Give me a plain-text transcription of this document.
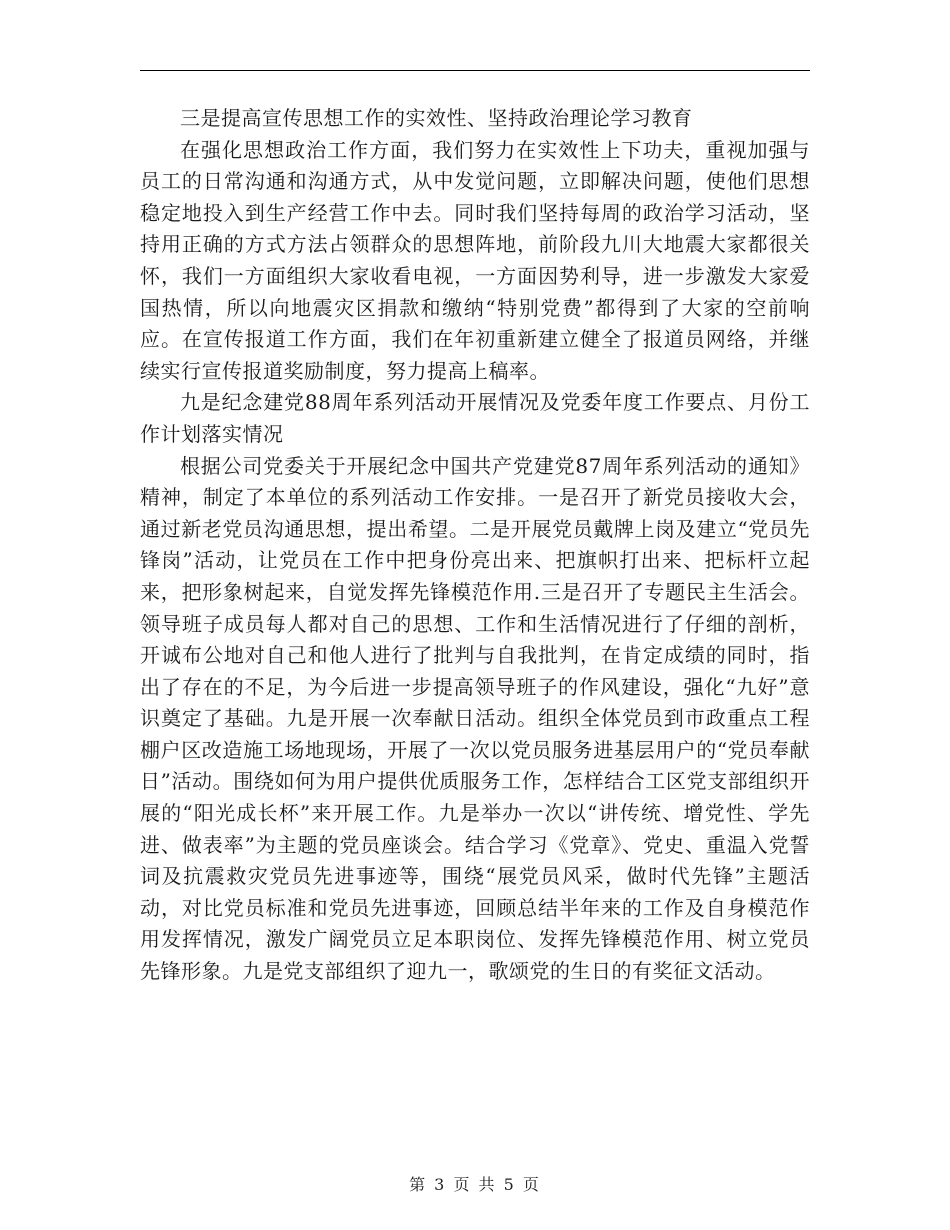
三是提高宣传思想工作的实效性、坚持政治理论学习教育

在强化思想政治工作方面，我们努力在实效性上下功夫，重视加强与员工的日常沟通和沟通方式，从中发觉问题，立即解决问题，使他们思想稳定地投入到生产经营工作中去。同时我们坚持每周的政治学习活动，坚持用正确的方式方法占领群众的思想阵地，前阶段九川大地震大家都很关怀，我们一方面组织大家收看电视，一方面因势利导，进一步激发大家爱国热情，所以向地震灾区捐款和缴纳“特别党费”都得到了大家的空前响应。在宣传报道工作方面，我们在年初重新建立健全了报道员网络，并继续实行宣传报道奖励制度，努力提高上稿率。

九是纪念建党88周年系列活动开展情况及党委年度工作要点、月份工作计划落实情况

根据公司党委关于开展纪念中国共产党建党87周年系列活动的通知》精神，制定了本单位的系列活动工作安排。一是召开了新党员接收大会，通过新老党员沟通思想，提出希望。二是开展党员戴牌上岗及建立“党员先锋岗”活动，让党员在工作中把身份亮出来、把旗帜打出来、把标杆立起来，把形象树起来，自觉发挥先锋模范作用.三是召开了专题民主生活会。领导班子成员每人都对自己的思想、工作和生活情况进行了仔细的剖析，开诚布公地对自己和他人进行了批判与自我批判，在肯定成绩的同时，指出了存在的不足，为今后进一步提高领导班子的作风建设，强化“九好”意识奠定了基础。九是开展一次奉献日活动。组织全体党员到市政重点工程棚户区改造施工场地现场，开展了一次以党员服务进基层用户的“党员奉献日”活动。围绕如何为用户提供优质服务工作，怎样结合工区党支部组织开展的“阳光成长杯”来开展工作。九是举办一次以“讲传统、增党性、学先进、做表率”为主题的党员座谈会。结合学习《党章》、党史、重温入党誓词及抗震救灾党员先进事迹等，围绕“展党员风采，做时代先锋”主题活动，对比党员标准和党员先进事迹，回顾总结半年来的工作及自身模范作用发挥情况，激发广阔党员立足本职岗位、发挥先锋模范作用、树立党员先锋形象。九是党支部组织了迎九一，歌颂党的生日的有奖征文活动。

第 3 页 共 5 页
